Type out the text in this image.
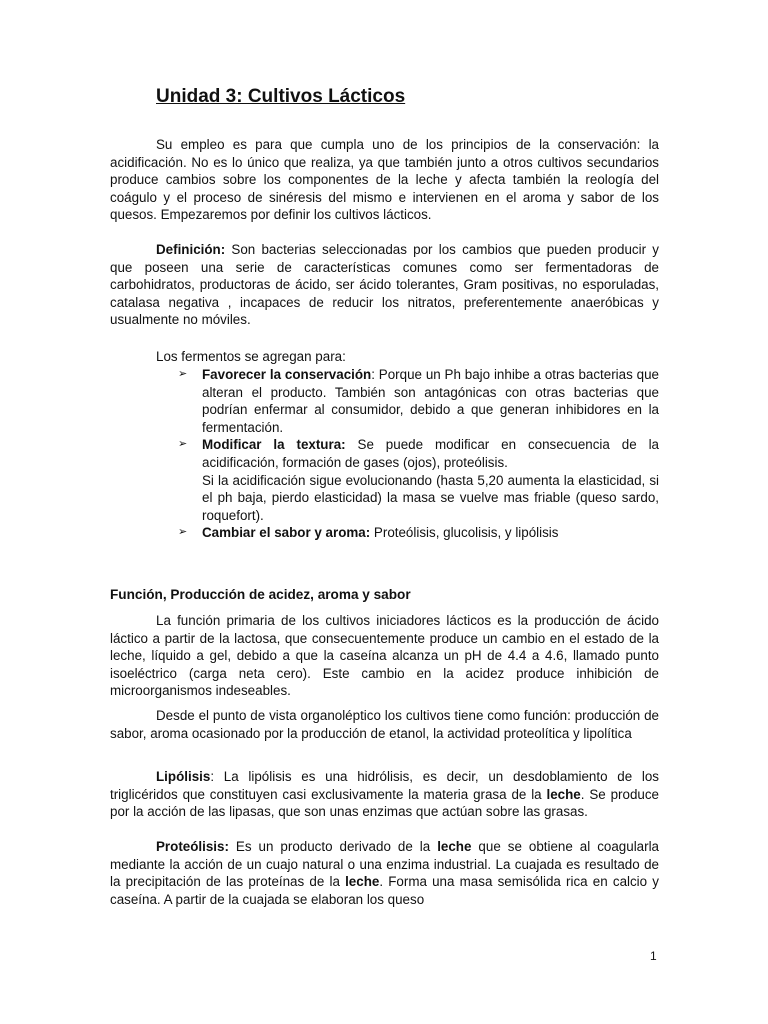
Unidad 3: Cultivos Lácticos

Su empleo es para que cumpla uno de los principios de la conservación: la acidificación. No es lo único que realiza, ya que también junto a otros cultivos secundarios produce cambios sobre los componentes de la leche y afecta también la reología del coágulo y el proceso de sinéresis del mismo e intervienen en el aroma y sabor de los quesos. Empezaremos por definir los cultivos lácticos.

Definición: Son bacterias seleccionadas por los cambios que pueden producir y que poseen una serie de características comunes como ser fermentadoras de carbohidratos, productoras de ácido, ser ácido tolerantes, Gram positivas, no esporuladas, catalasa negativa , incapaces de reducir los nitratos, preferentemente anaeróbicas y usualmente no móviles.

Los fermentos se agregan para:

➢ Favorecer la conservación: Porque un Ph bajo inhibe a otras bacterias que alteran el producto. También son antagónicas con otras bacterias que podrían enfermar al consumidor, debido a que generan inhibidores en la fermentación.
➢ Modificar la textura: Se puede modificar en consecuencia de la acidificación, formación de gases (ojos), proteólisis.
Si la acidificación sigue evolucionando (hasta 5,20 aumenta la elasticidad, si el ph baja, pierdo elasticidad) la masa se vuelve mas friable (queso sardo, roquefort).
➢ Cambiar el sabor y aroma: Proteólisis, glucolisis, y lipólisis

Función, Producción de acidez, aroma y sabor

La función primaria de los cultivos iniciadores lácticos es la producción de ácido láctico a partir de la lactosa, que consecuentemente produce un cambio en el estado de la leche, líquido a gel, debido a que la caseína alcanza un pH de 4.4 a 4.6, llamado punto isoeléctrico (carga neta cero). Este cambio en la acidez produce inhibición de microorganismos indeseables.

Desde el punto de vista organoléptico los cultivos tiene como función: producción de sabor, aroma ocasionado por la producción de etanol, la actividad proteolítica y lipolítica

Lipólisis: La lipólisis es una hidrólisis, es decir, un desdoblamiento de los triglicéridos que constituyen casi exclusivamente la materia grasa de la leche. Se produce por la acción de las lipasas, que son unas enzimas que actúan sobre las grasas.

Proteólisis: Es un producto derivado de la leche que se obtiene al coagularla mediante la acción de un cuajo natural o una enzima industrial. La cuajada es resultado de la precipitación de las proteínas de la leche. Forma una masa semisólida rica en calcio y caseína. A partir de la cuajada se elaboran los queso

1
